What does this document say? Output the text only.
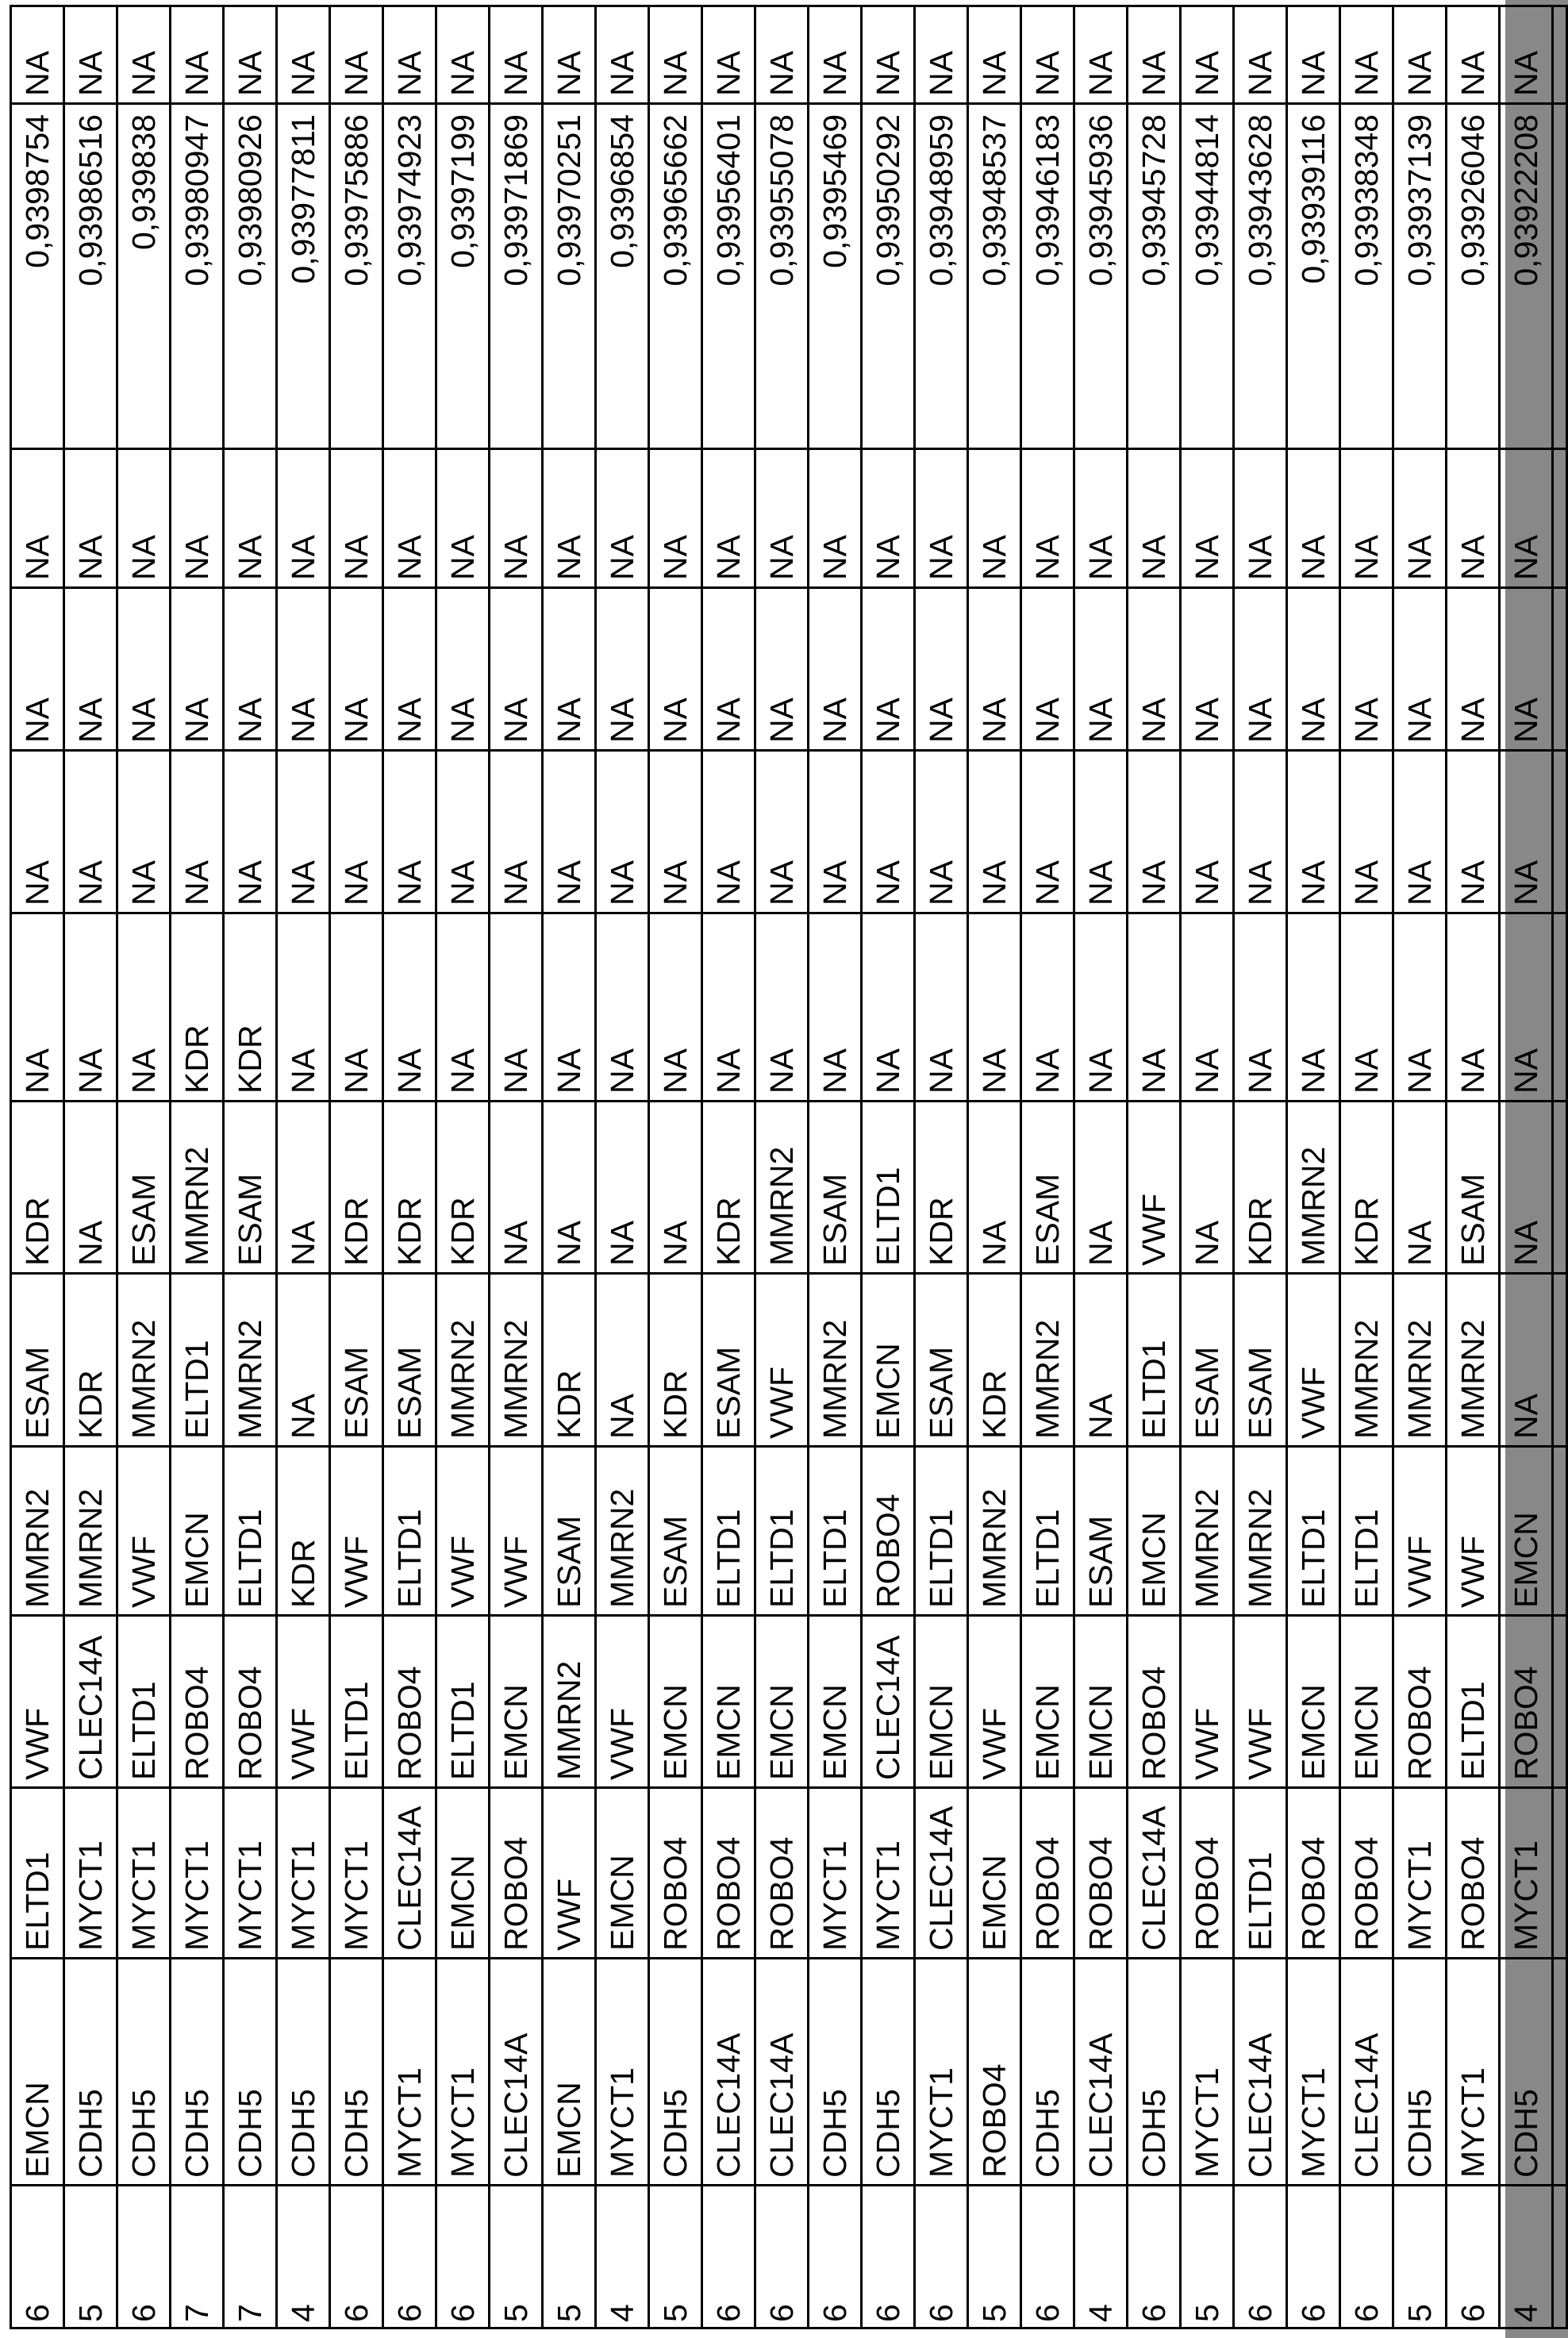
6	EMCN	ELTD1	VWF	MMRN2	ESAM	KDR	NA	NA	NA	NA	0,9398754	NA
5	CDH5	MYCT1	CLEC14A	MMRN2	KDR	NA	NA	NA	NA	NA	0,93986516	NA
6	CDH5	MYCT1	ELTD1	VWF	MMRN2	ESAM	NA	NA	NA	NA	0,939838	NA
7	CDH5	MYCT1	ROBO4	EMCN	ELTD1	MMRN2	KDR	NA	NA	NA	0,93980947	NA
7	CDH5	MYCT1	ROBO4	ELTD1	MMRN2	ESAM	KDR	NA	NA	NA	0,93980926	NA
4	CDH5	MYCT1	VWF	KDR	NA	NA	NA	NA	NA	NA	0,93977811	NA
6	CDH5	MYCT1	ELTD1	VWF	ESAM	KDR	NA	NA	NA	NA	0,93975886	NA
6	MYCT1	CLEC14A	ROBO4	ELTD1	ESAM	KDR	NA	NA	NA	NA	0,93974923	NA
6	MYCT1	EMCN	ELTD1	VWF	MMRN2	KDR	NA	NA	NA	NA	0,9397199	NA
5	CLEC14A	ROBO4	EMCN	VWF	MMRN2	NA	NA	NA	NA	NA	0,93971869	NA
5	EMCN	VWF	MMRN2	ESAM	KDR	NA	NA	NA	NA	NA	0,93970251	NA
4	MYCT1	EMCN	VWF	MMRN2	NA	NA	NA	NA	NA	NA	0,9396854	NA
5	CDH5	ROBO4	EMCN	ESAM	KDR	NA	NA	NA	NA	NA	0,93965662	NA
6	CLEC14A	ROBO4	EMCN	ELTD1	ESAM	KDR	NA	NA	NA	NA	0,93956401	NA
6	CLEC14A	ROBO4	EMCN	ELTD1	VWF	MMRN2	NA	NA	NA	NA	0,93955078	NA
6	CDH5	MYCT1	EMCN	ELTD1	MMRN2	ESAM	NA	NA	NA	NA	0,9395469	NA
6	CDH5	MYCT1	CLEC14A	ROBO4	EMCN	ELTD1	NA	NA	NA	NA	0,93950292	NA
6	MYCT1	CLEC14A	EMCN	ELTD1	ESAM	KDR	NA	NA	NA	NA	0,93948959	NA
5	ROBO4	EMCN	VWF	MMRN2	KDR	NA	NA	NA	NA	NA	0,93948537	NA
6	CDH5	ROBO4	EMCN	ELTD1	MMRN2	ESAM	NA	NA	NA	NA	0,93946183	NA
4	CLEC14A	ROBO4	EMCN	ESAM	NA	NA	NA	NA	NA	NA	0,93945936	NA
6	CDH5	CLEC14A	ROBO4	EMCN	ELTD1	VWF	NA	NA	NA	NA	0,93945728	NA
5	MYCT1	ROBO4	VWF	MMRN2	ESAM	NA	NA	NA	NA	NA	0,93944814	NA
6	CLEC14A	ELTD1	VWF	MMRN2	ESAM	KDR	NA	NA	NA	NA	0,93943628	NA
6	MYCT1	ROBO4	EMCN	ELTD1	VWF	MMRN2	NA	NA	NA	NA	0,93939116	NA
6	CLEC14A	ROBO4	EMCN	ELTD1	MMRN2	KDR	NA	NA	NA	NA	0,93938348	NA
5	CDH5	MYCT1	ROBO4	VWF	MMRN2	NA	NA	NA	NA	NA	0,93937139	NA
6	MYCT1	ROBO4	ELTD1	VWF	MMRN2	ESAM	NA	NA	NA	NA	0,93926046	NA
4	CDH5	MYCT1	ROBO4	EMCN	NA	NA	NA	NA	NA	NA	0,93922208	NA
